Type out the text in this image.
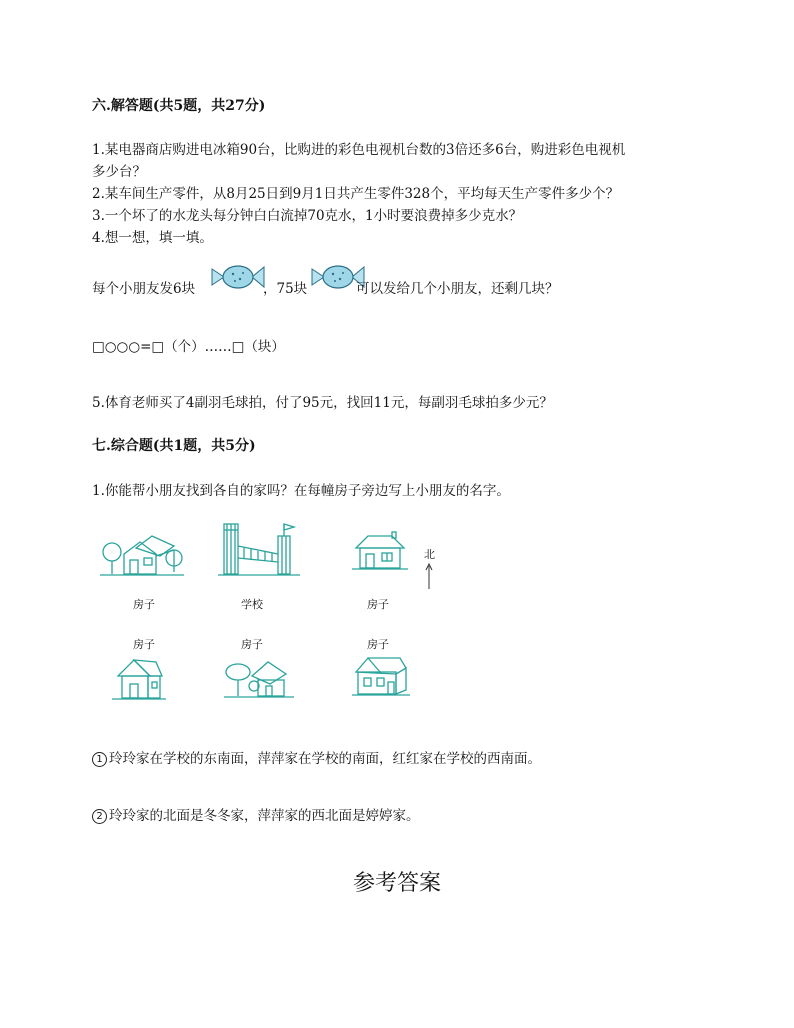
六.解答题(共5题，共27分)
1.某电器商店购进电冰箱90台，比购进的彩色电视机台数的3倍还多6台，购进彩色电视机
多少台？
2.某车间生产零件，从8月25日到9月1日共产生零件328个，平均每天生产零件多少个？
3.一个坏了的水龙头每分钟白白流掉70克水，1小时要浪费掉多少克水？
4.想一想，填一填。
每个小朋友发6块	，75块	可以发给几个小朋友，还剩几块？
□○○○=□（个）……□（块）
5.体育老师买了4副羽毛球拍，付了95元，找回11元，每副羽毛球拍多少元？
七.综合题(共1题，共5分)
1.你能帮小朋友找到各自的家吗？在每幢房子旁边写上小朋友的名字。
北
房子	学校	房子
房子	房子	房子
1 玲玲家在学校的东南面，萍萍家在学校的南面，红红家在学校的西南面。
2 玲玲家的北面是冬冬家，萍萍家的西北面是婷婷家。
参考答案
